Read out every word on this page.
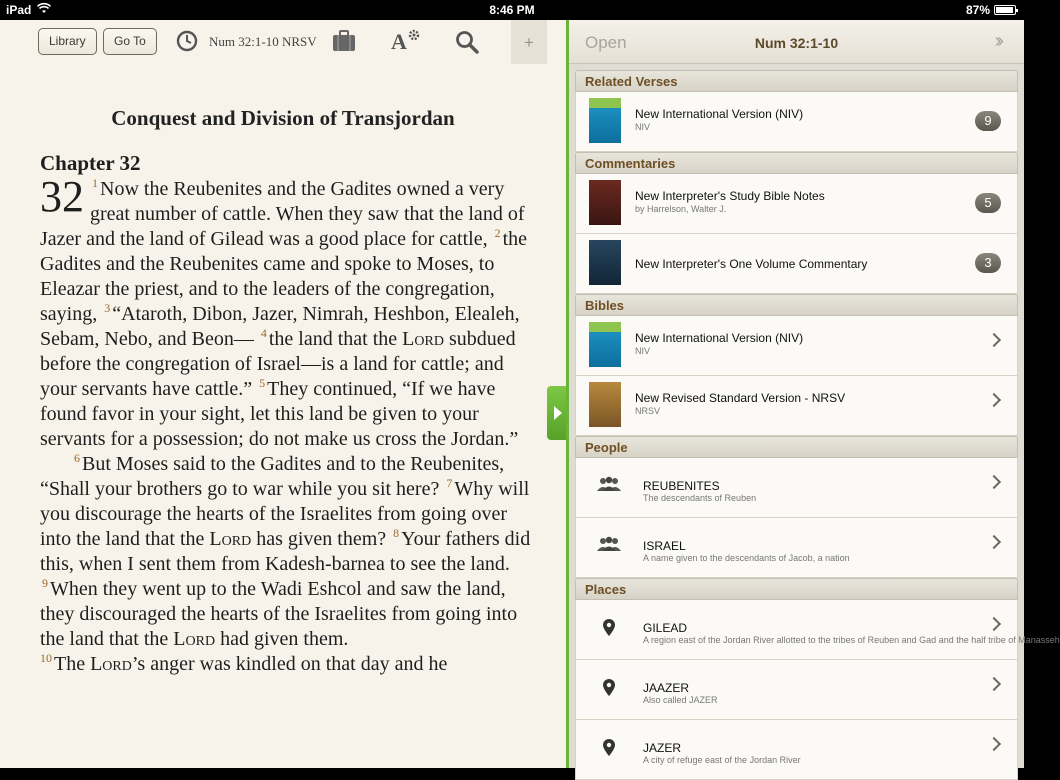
iPad	8:46 PM	87%
Library	Go To	Num 32:1-10 NRSV	A	+
Conquest and Division of Transjordan
Chapter 32
32 $^1$ Now the Reubenites and the Gadites owned a very great number of cattle. When they saw that the land of Jazer and the land of Gilead was a good place for cattle, $^2$ the Gadites and the Reubenites came and spoke to Moses, to Eleazar the priest, and to the leaders of the congregation, saying, $^3$ “Ataroth, Dibon, Jazer, Nimrah, Heshbon, Elealeh, Sebam, Nebo, and Beon— $^4$ the land that the Lord subdued before the congregation of Israel—is a land for cattle; and your servants have cattle.” $^5$ They continued, “If we have found favor in your sight, let this land be given to your servants for a possession; do not make us cross the Jordan.”
$^6$ But Moses said to the Gadites and to the Reubenites, “Shall your brothers go to war while you sit here? $^7$ Why will you discourage the hearts of the Israelites from going over into the land that the Lord has given them? $^8$ Your fathers did this, when I sent them from Kadesh-barnea to see the land. $^9$ When they went up to the Wadi Eshcol and saw the land, they discouraged the hearts of the Israelites from going into the land that the Lord had given them.
$^{10}$ The Lord’s anger was kindled on that day and he
Open	Num 32:1-10	››
Related Verses
New International Version (NIV)
NIV	9
Commentaries
New Interpreter's Study Bible Notes
by Harrelson, Walter J.	5
New Interpreter's One Volume Commentary	3
Bibles
New International Version (NIV)
NIV
New Revised Standard Version - NRSV
NRSV
People
REUBENITES
The descendants of Reuben
ISRAEL
A name given to the descendants of Jacob, a nation
Places
GILEAD
A region east of the Jordan River allotted to the tribes of Reuben and Gad and the half tribe of Manasseh
JAAZER
Also called JAZER
JAZER
A city of refuge east of the Jordan River
